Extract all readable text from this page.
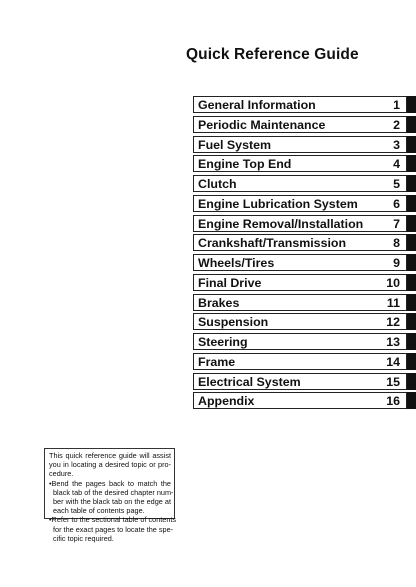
Quick Reference Guide
General Information	1
Periodic Maintenance	2
Fuel System	3
Engine Top End	4
Clutch	5
Engine Lubrication System	6
Engine Removal/Installation 7
Crankshaft/Transmission	8
Wheels/Tires	9
Final Drive	10
Brakes	11
Suspension	12
Steering	13
Frame	14
Electrical System	15
Appendix	16
This quick reference guide will assist
you in locating a desired topic or pro-
cedure.
•Bend the pages back to match the
black tab of the desired chapter num-
ber with the black tab on the edge at
each table of contents page.
•Refer to the sectional table of contents
for the exact pages to locate the spe-
cific topic required.
